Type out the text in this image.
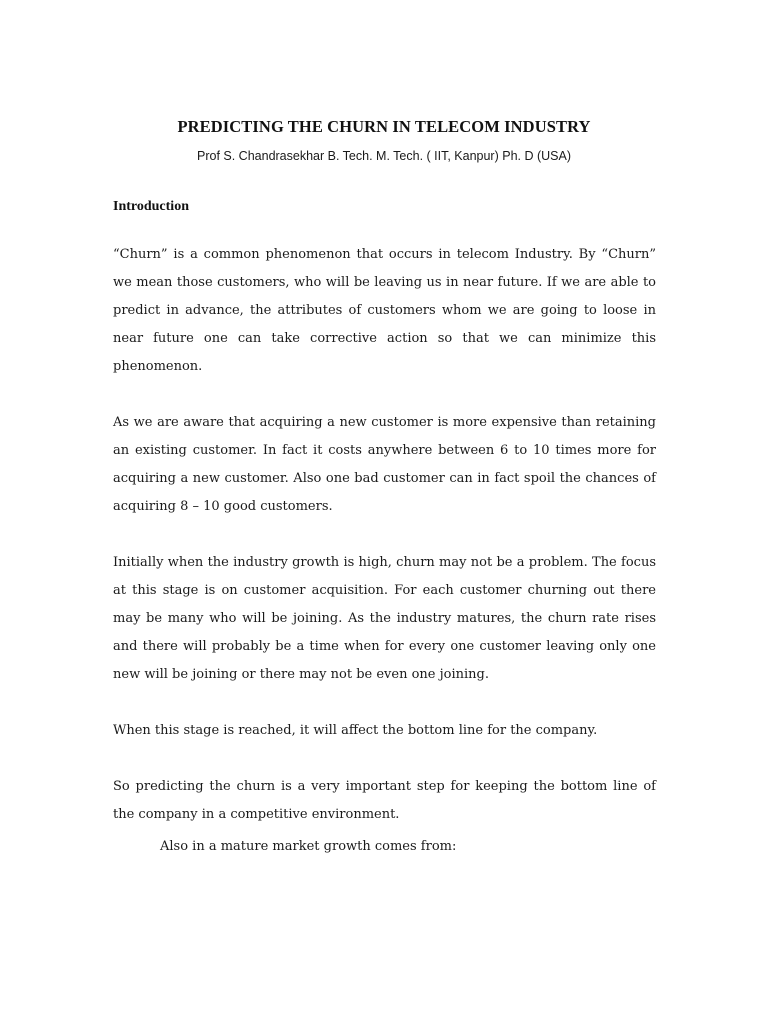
PREDICTING THE CHURN IN TELECOM INDUSTRY
Prof S. Chandrasekhar B. Tech. M. Tech. ( IIT, Kanpur) Ph. D (USA)
Introduction

“Churn” is a common phenomenon that occurs in telecom Industry. By “Churn” we mean those customers, who will be leaving us in near future. If we are able to predict in advance, the attributes of customers whom we are going to loose in near future one can take corrective action so that we can minimize this phenomenon.

As we are aware that acquiring a new customer is more expensive than retaining an existing customer. In fact it costs anywhere between 6 to 10 times more for acquiring a new customer. Also one bad customer can in fact spoil the chances of acquiring 8 – 10 good customers.

Initially when the industry growth is high, churn may not be a problem. The focus at this stage is on customer acquisition. For each customer churning out there may be many who will be joining. As the industry matures, the churn rate rises and there will probably be a time when for every one customer leaving only one new will be joining or there may not be even one joining.

When this stage is reached, it will affect the bottom line for the company.

So predicting the churn is a very important step for keeping the bottom line of the company in a competitive environment.

Also in a mature market growth comes from:
